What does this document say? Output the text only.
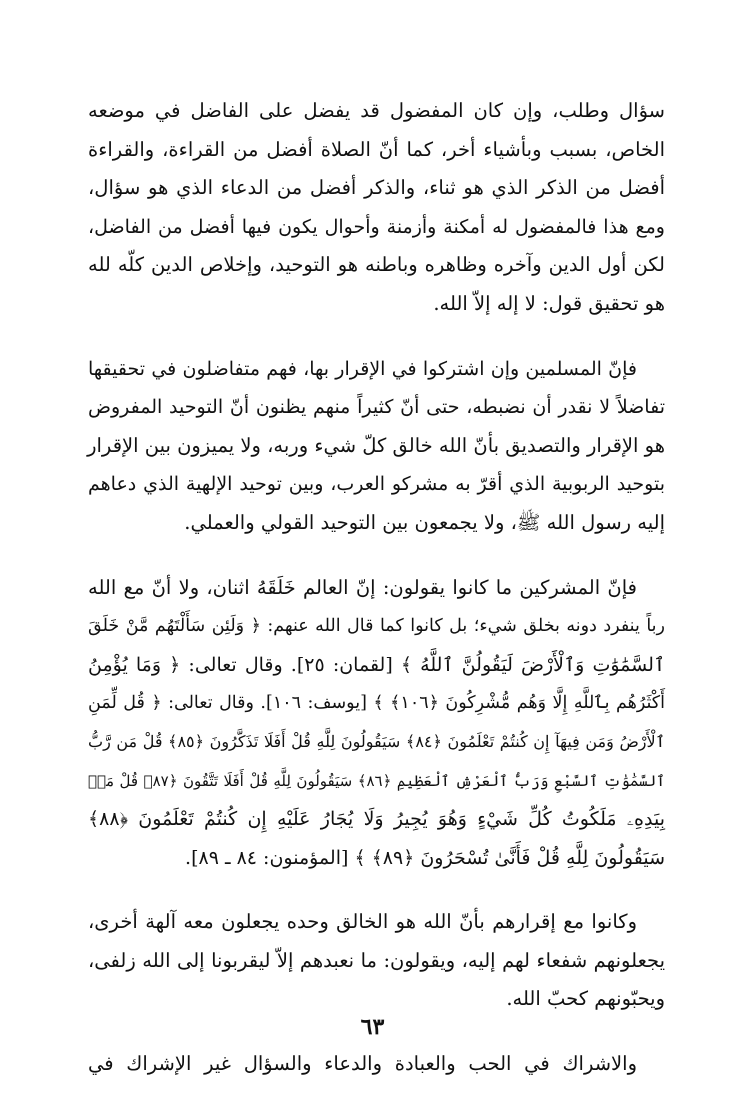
سؤال وطلب، وإن كان المفضول قد يفضل على الفاضل في موضعه
الخاص، بسبب وبأشياء أخر، كما أنّ الصلاة أفضل من القراءة، والقراءة
أفضل من الذكر الذي هو ثناء، والذكر أفضل من الدعاء الذي هو سؤال،
ومع هذا فالمفضول له أمكنة وأزمنة وأحوال يكون فيها أفضل من الفاضل،
لكن أول الدين وآخره وظاهره وباطنه هو التوحيد، وإخلاص الدين كلّه لله
هو تحقيق قول: لا إله إلاّ الله.

فإنّ المسلمين وإن اشتركوا في الإقرار بها، فهم متفاضلون في تحقيقها
تفاضلاً لا نقدر أن نضبطه، حتى أنّ كثيراً منهم يظنون أنّ التوحيد المفروض
هو الإقرار والتصديق بأنّ الله خالق كلّ شيء وربه، ولا يميزون بين الإقرار
بتوحيد الربوبية الذي أقرّ به مشركو العرب، وبين توحيد الإلهية الذي دعاهم
إليه رسول الله ﷺ، ولا يجمعون بين التوحيد القولي والعملي.

فإنّ المشركين ما كانوا يقولون: إنّ العالم خَلَقَهُ اثنان، ولا أنّ مع الله
رباً ينفرد دونه بخلق شيء؛ بل كانوا كما قال الله عنهم: ﴿ وَلَئِن سَأَلْتَهُم مَّنْ خَلَقَ
ٱلسَّمَٰوَٰتِ وَٱلْأَرْضَ لَيَقُولُنَّ ٱللَّهُ ﴾ [لقمان: ٢٥]. وقال تعالى: ﴿ وَمَا يُؤْمِنُ
أَكْثَرُهُم بِٱللَّهِ إِلَّا وَهُم مُّشْرِكُونَ ﴿١٠٦﴾ ﴾ [يوسف: ١٠٦]. وقال تعالى: ﴿ قُل لِّمَنِ
ٱلْأَرْضُ وَمَن فِيهَآ إِن كُنتُمْ تَعْلَمُونَ ﴿٨٤﴾ سَيَقُولُونَ لِلَّهِ قُلْ أَفَلَا تَذَكَّرُونَ ﴿٨٥﴾ قُلْ مَن رَّبُّ
ٱلسَّمَٰوَٰتِ ٱلسَّبْعِ وَرَبُّ ٱلْعَرْشِ ٱلْعَظِيمِ ﴿٨٦﴾ سَيَقُولُونَ لِلَّهِ قُلْ أَفَلَا تَتَّقُونَ ﴿٨٧﴾ قُلْ مَنۢ
بِيَدِهِۦ مَلَكُوتُ كُلِّ شَيْءٍ وَهُوَ يُجِيرُ وَلَا يُجَارُ عَلَيْهِ إِن كُنتُمْ تَعْلَمُونَ ﴿٨٨﴾
سَيَقُولُونَ لِلَّهِ قُلْ فَأَنَّىٰ تُسْحَرُونَ ﴿٨٩﴾ ﴾ [المؤمنون: ٨٤ ـ ٨٩].

وكانوا مع إقرارهم بأنّ الله هو الخالق وحده يجعلون معه آلهة أخرى،
يجعلونهم شفعاء لهم إليه، ويقولون: ما نعبدهم إلاّ ليقربونا إلى الله زلفى،
ويحبّونهم كحبّ الله.

والاشراك في الحب والعبادة والدعاء والسؤال غير الإشراك في

٦٣
